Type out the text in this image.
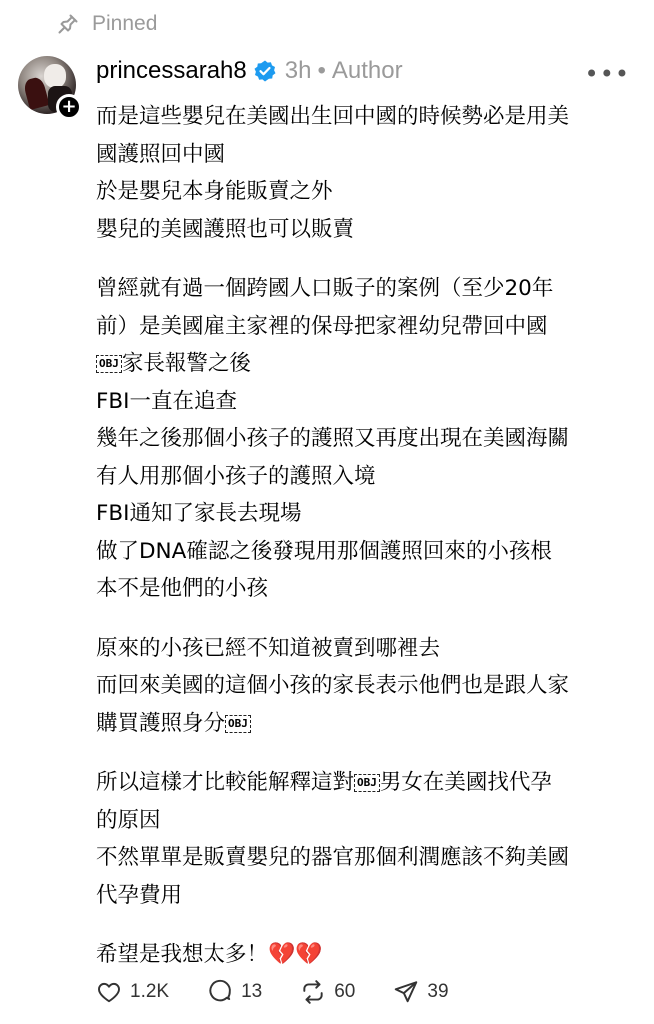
Pinned
+
princessarah8 3h • Author	•••
而是這些嬰兒在美國出生回中國的時候勢必是用美
國護照回中國
於是嬰兒本身能販賣之外
嬰兒的美國護照也可以販賣
曾經就有過一個跨國人口販子的案例（至少20年
前）是美國雇主家裡的保母把家裡幼兒帶回中國
OBJ 家長報警之後
FBI一直在追查
幾年之後那個小孩子的護照又再度出現在美國海關
有人用那個小孩子的護照入境
FBI通知了家長去現場
做了DNA確認之後發現用那個護照回來的小孩根
本不是他們的小孩
原來的小孩已經不知道被賣到哪裡去
而回來美國的這個小孩的家長表示他們也是跟人家
購買護照身分 OBJ
所以這樣才比較能解釋這對 OBJ 男女在美國找代孕
的原因
不然單單是販賣嬰兒的器官那個利潤應該不夠美國
代孕費用
希望是我想太多！💔💔
1.2K	13	60	39
